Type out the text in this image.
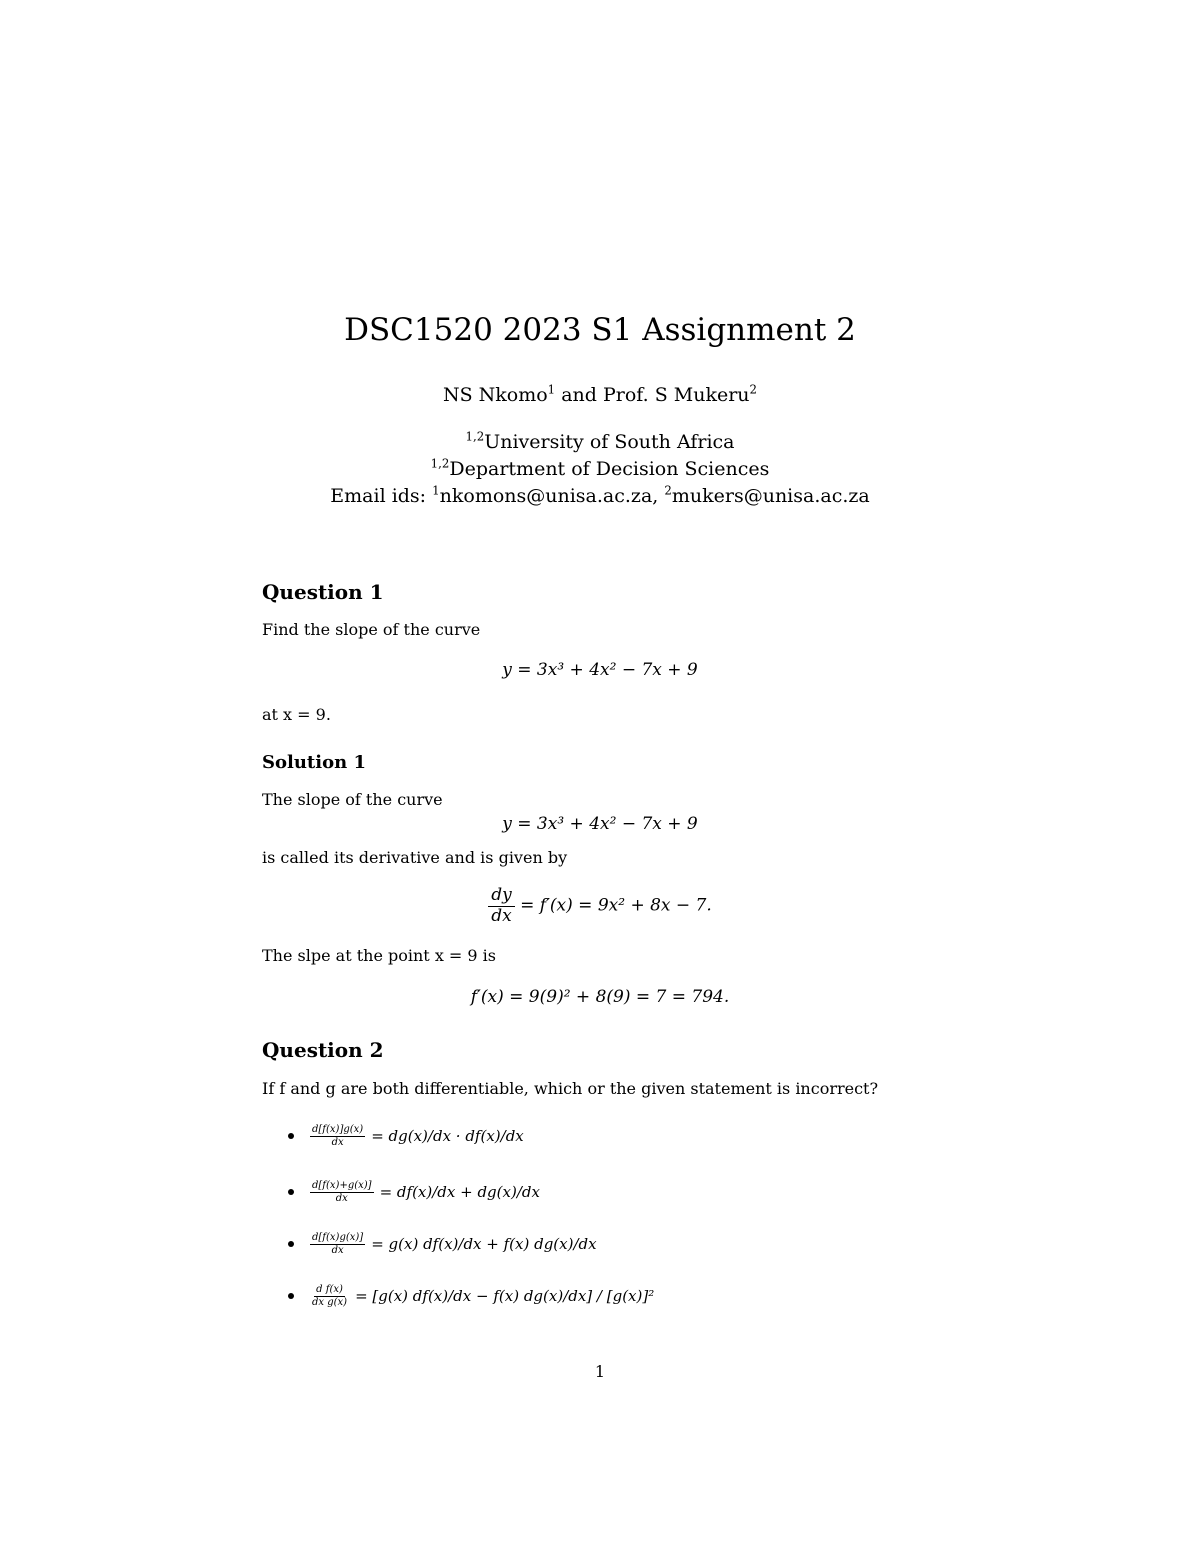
DSC1520 2023 S1 Assignment 2
NS Nkomo$^1$ and Prof. S Mukeru$^2$
$^{1,2}$University of South Africa
$^{1,2}$Department of Decision Sciences
Email ids: $^1$nkomons@unisa.ac.za, $^2$mukers@unisa.ac.za
Question 1
Find the slope of the curve
y = 3x³ + 4x² − 7x + 9
at x = 9.
Solution 1
The slope of the curve
y = 3x³ + 4x² − 7x + 9
is called its derivative and is given by
$\frac{dy}{dx} = f'(x) = 9x^2 + 8x - 7$.
The slpe at the point x = 9 is
f′(x) = 9(9)² + 8(9) = 7 = 794.
Question 2
If f and g are both differentiable, which or the given statement is incorrect?
$\frac{d[f(x)]g(x)}{dx} = dg(x)/dx \cdot df(x)/dx$
$\frac{d[f(x)+g(x)]}{dx} = df(x)/dx + dg(x)/dx$
$\frac{d[f(x)g(x)]}{dx} = g(x) df(x)/dx + f(x)$ dg(x)/dx
$\frac{\text{d f(x)}}{\text{dx g(x)}} = [g(x) df(x)/dx - f(x)$ dg(x)/dx] / [g(x)]²
1
